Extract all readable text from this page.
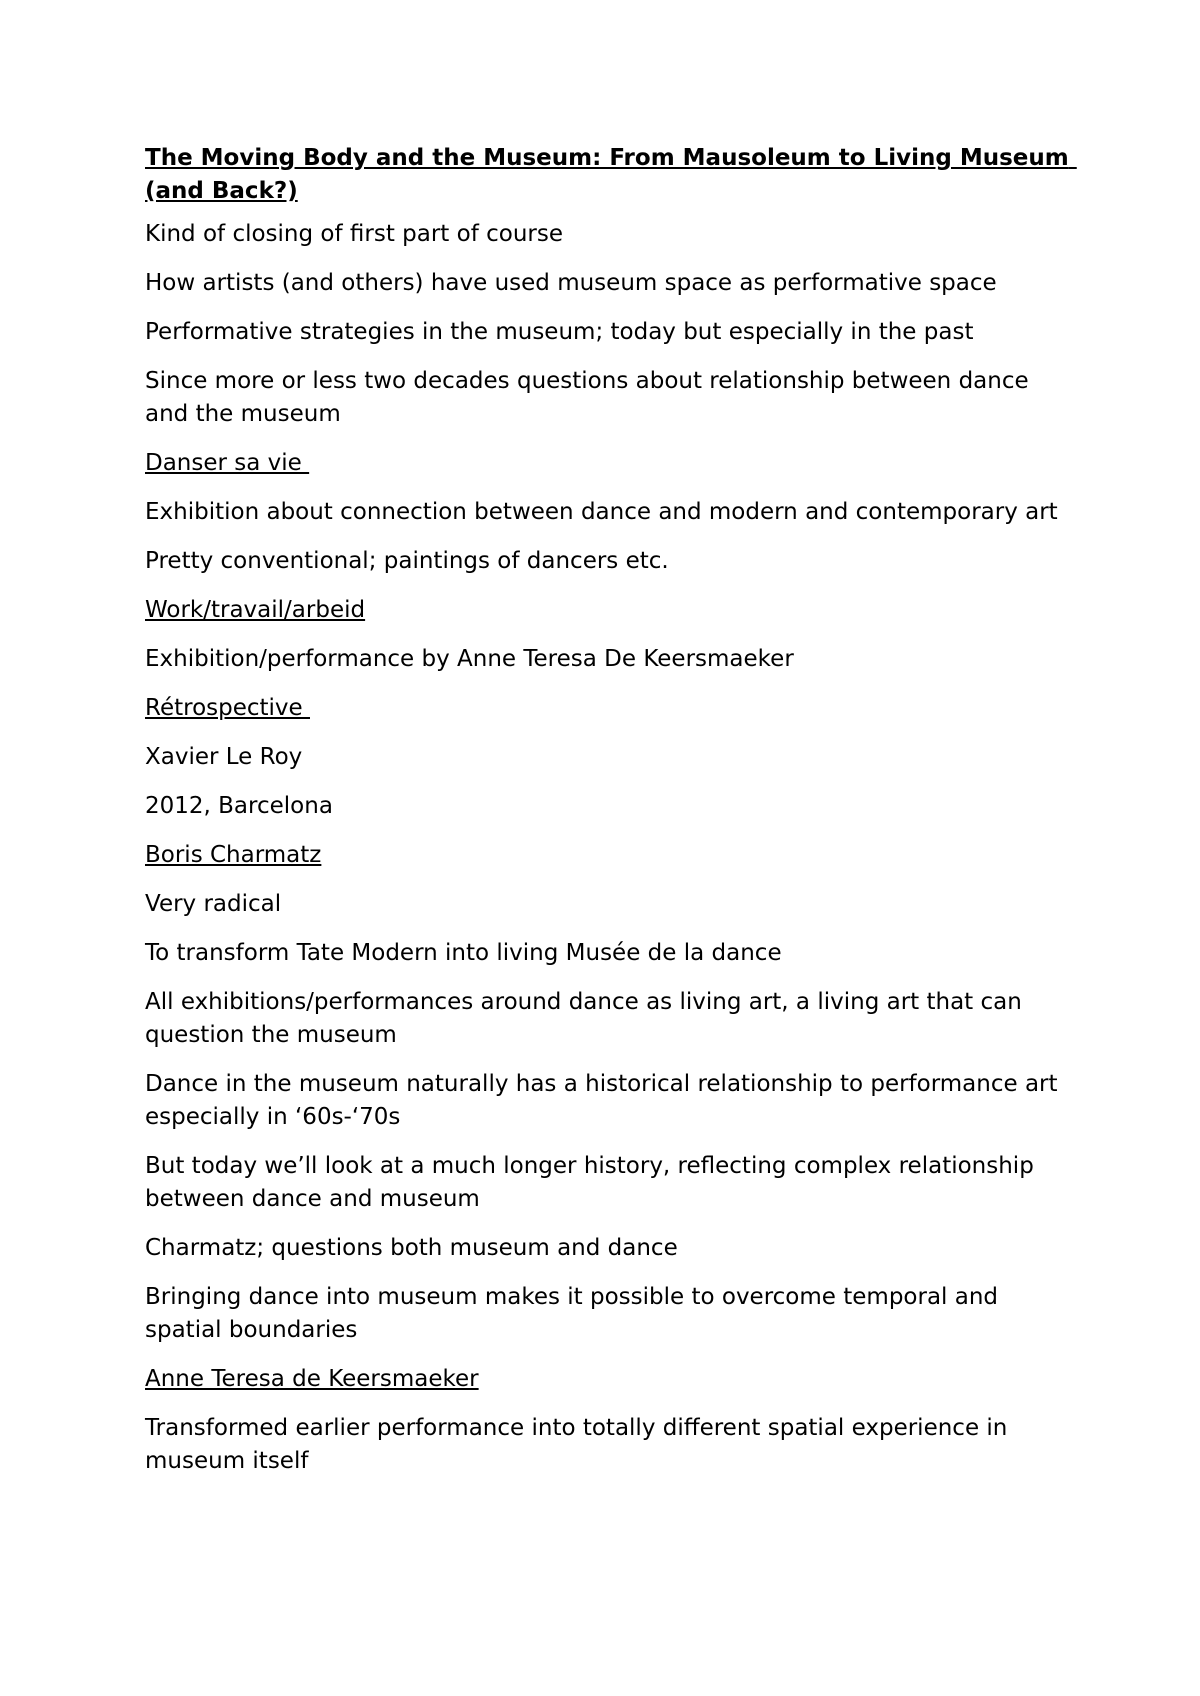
The Moving Body and the Museum: From Mausoleum to Living Museum (and Back?)
Kind of closing of first part of course
How artists (and others) have used museum space as performative space
Performative strategies in the museum; today but especially in the past
Since more or less two decades questions about relationship between dance and the museum
Danser sa vie
Exhibition about connection between dance and modern and contemporary art
Pretty conventional; paintings of dancers etc.
Work/travail/arbeid
Exhibition/performance by Anne Teresa De Keersmaeker
Rétrospective
Xavier Le Roy
2012, Barcelona
Boris Charmatz
Very radical
To transform Tate Modern into living Musée de la dance
All exhibitions/performances around dance as living art, a living art that can question the museum
Dance in the museum naturally has a historical relationship to performance art especially in ‘60s-‘70s
But today we’ll look at a much longer history, reflecting complex relationship between dance and museum
Charmatz; questions both museum and dance
Bringing dance into museum makes it possible to overcome temporal and spatial boundaries
Anne Teresa de Keersmaeker
Transformed earlier performance into totally different spatial experience in museum itself
